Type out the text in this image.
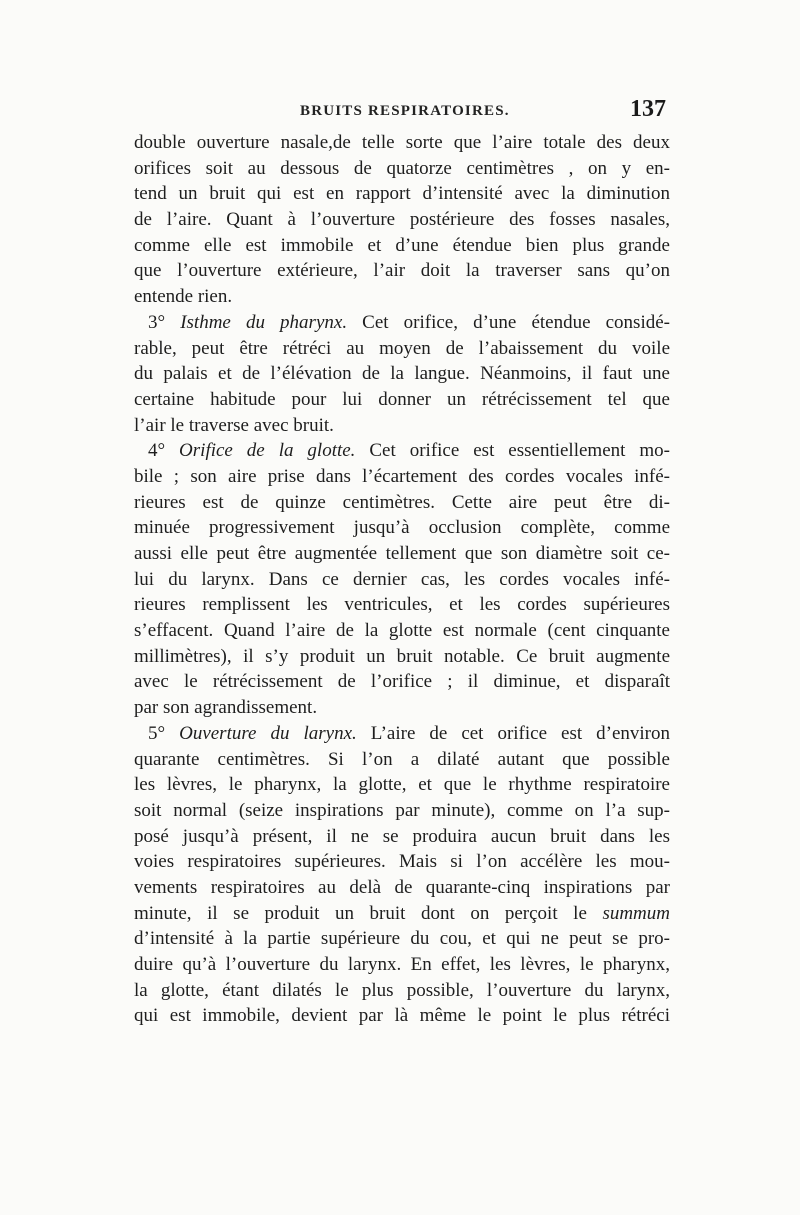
BRUITS RESPIRATOIRES.	137
double ouverture nasale,de telle sorte que l’aire totale des deux
orifices soit au dessous de quatorze centimètres , on y en-
tend un bruit qui est en rapport d’intensité avec la diminution
de l’aire. Quant à l’ouverture postérieure des fosses nasales,
comme elle est immobile et d’une étendue bien plus grande
que l’ouverture extérieure, l’air doit la traverser sans qu’on
entende rien.
3° Isthme du pharynx. Cet orifice, d’une étendue considé-
rable, peut être rétréci au moyen de l’abaissement du voile
du palais et de l’élévation de la langue. Néanmoins, il faut une
certaine habitude pour lui donner un rétrécissement tel que
l’air le traverse avec bruit.
4° Orifice de la glotte. Cet orifice est essentiellement mo-
bile ; son aire prise dans l’écartement des cordes vocales infé-
rieures est de quinze centimètres. Cette aire peut être di-
minuée progressivement jusqu’à occlusion complète, comme
aussi elle peut être augmentée tellement que son diamètre soit ce-
lui du larynx. Dans ce dernier cas, les cordes vocales infé-
rieures remplissent les ventricules, et les cordes supérieures
s’effacent. Quand l’aire de la glotte est normale (cent cinquante
millimètres), il s’y produit un bruit notable. Ce bruit augmente
avec le rétrécissement de l’orifice ; il diminue, et disparaît
par son agrandissement.
5° Ouverture du larynx. L’aire de cet orifice est d’environ
quarante centimètres. Si l’on a dilaté autant que possible
les lèvres, le pharynx, la glotte, et que le rhythme respiratoire
soit normal (seize inspirations par minute), comme on l’a sup-
posé jusqu’à présent, il ne se produira aucun bruit dans les
voies respiratoires supérieures. Mais si l’on accélère les mou-
vements respiratoires au delà de quarante-cinq inspirations par
minute, il se produit un bruit dont on perçoit le summum
d’intensité à la partie supérieure du cou, et qui ne peut se pro-
duire qu’à l’ouverture du larynx. En effet, les lèvres, le pharynx,
la glotte, étant dilatés le plus possible, l’ouverture du larynx,
qui est immobile, devient par là même le point le plus rétréci
